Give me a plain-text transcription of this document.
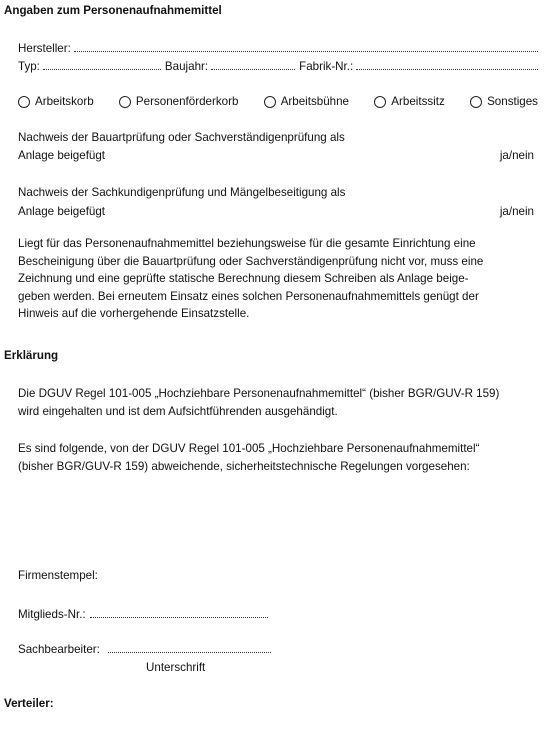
Angaben zum Personenaufnahmemittel
Hersteller:
Typ:	Baujahr:	Fabrik-Nr.:
Arbeitskorb	Personenförderkorb	Arbeitsbühne	Arbeitssitz	Sonstiges
Nachweis der Bauartprüfung oder Sachverständigenprüfung als
Anlage beigefügt	ja/nein
Nachweis der Sachkundigenprüfung und Mängelbeseitigung als
Anlage beigefügt	ja/nein
Liegt für das Personenaufnahmemittel beziehungsweise für die gesamte Einrichtung eine
Bescheinigung über die Bauartprüfung oder Sachverständigenprüfung nicht vor, muss eine
Zeichnung und eine geprüfte statische Berechnung diesem Schreiben als Anlage beige-
geben werden. Bei erneutem Einsatz eines solchen Personenaufnahmemittels genügt der
Hinweis auf die vorhergehende Einsatzstelle.
Erklärung
Die DGUV Regel 101-005 „Hochziehbare Personenaufnahmemittel“ (bisher BGR/GUV-R 159)
wird eingehalten und ist dem Aufsichtführenden ausgehändigt.
Es sind folgende, von der DGUV Regel 101-005 „Hochziehbare Personenaufnahmemittel“
(bisher BGR/GUV-R 159) abweichende, sicherheitstechnische Regelungen vorgesehen:
Firmenstempel:
Mitglieds-Nr.:
Sachbearbeiter:
Unterschrift
Verteiler:
